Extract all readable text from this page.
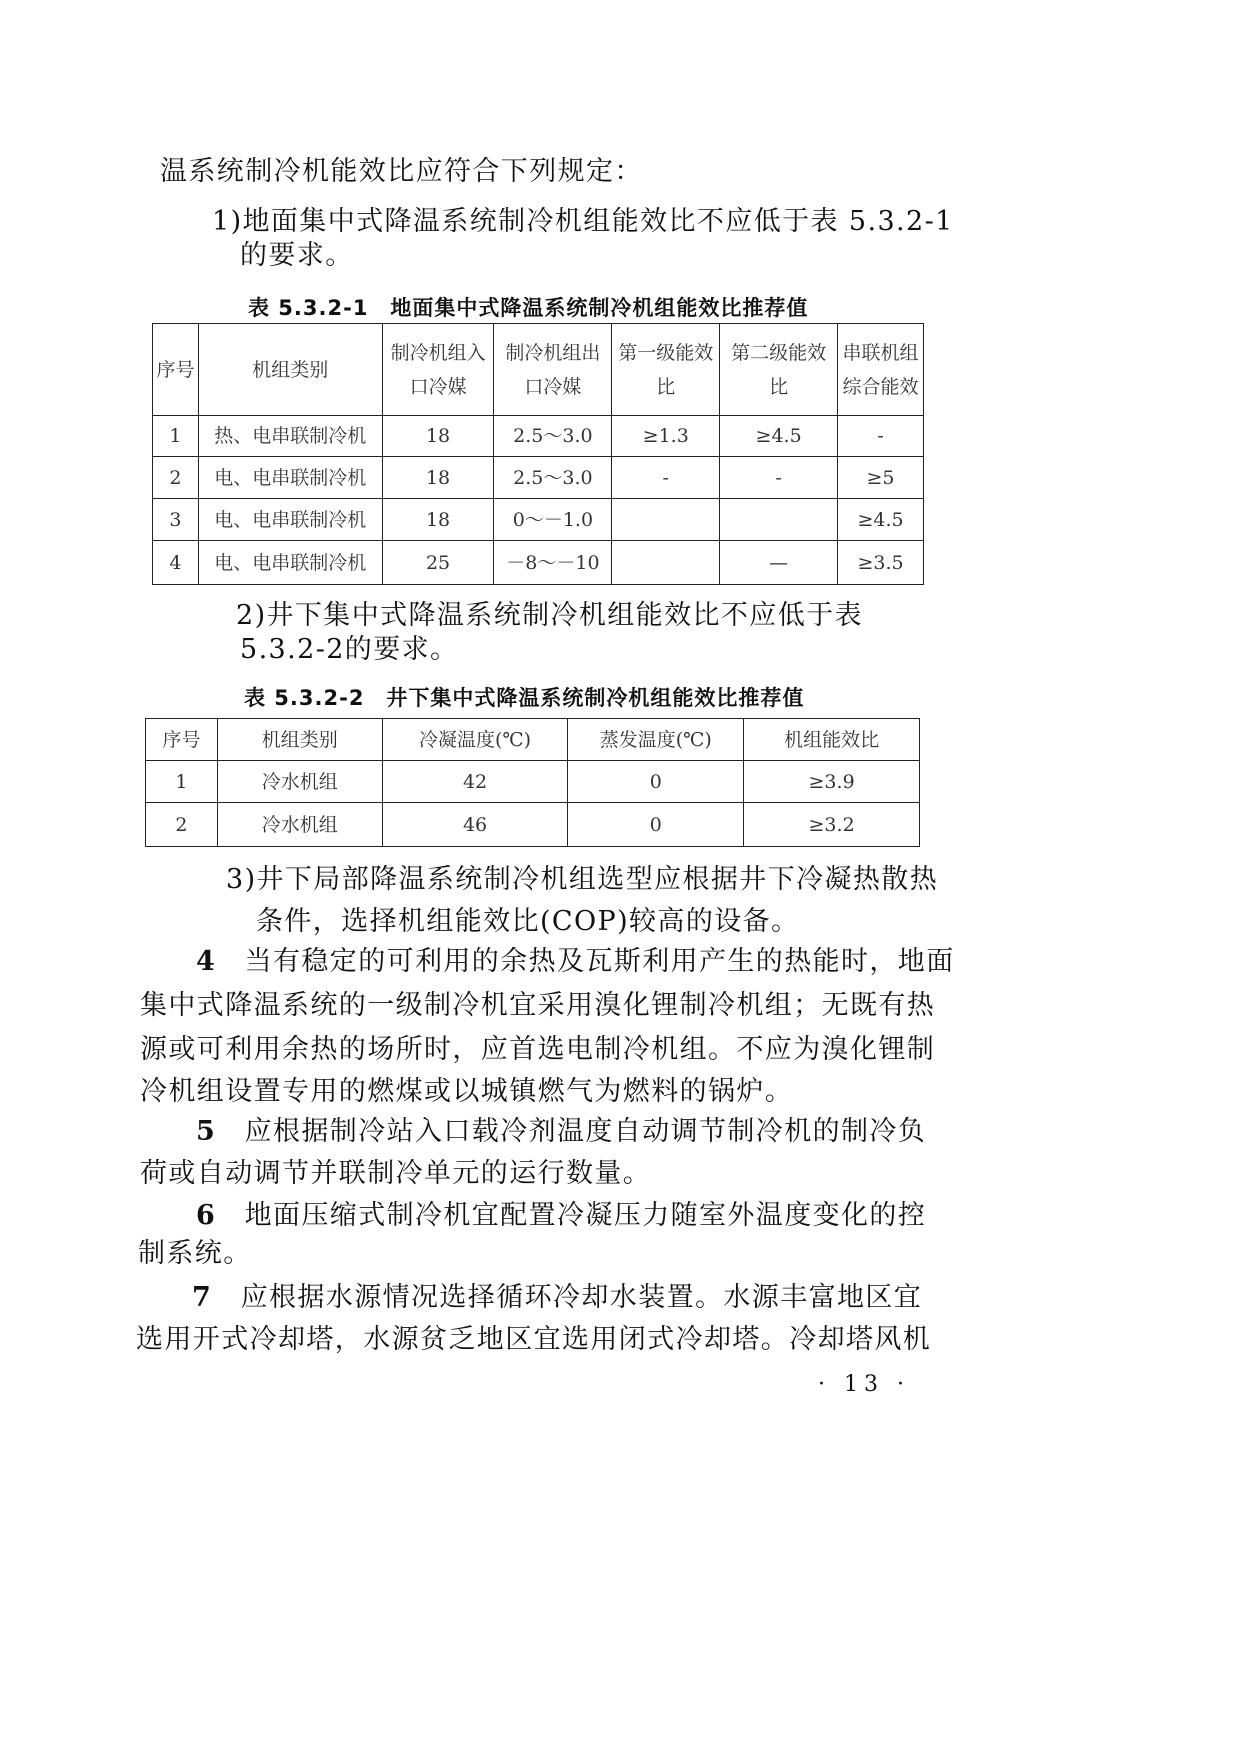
温系统制冷机能效比应符合下列规定：
1)地面集中式降温系统制冷机组能效比不应低于表 5.3.2-1
的要求。
表 5.3.2-1　地面集中式降温系统制冷机组能效比推荐值
序号	机组类别	制冷机组入口冷媒	制冷机组出口冷媒	第一级能效比	第二级能效比	串联机组综合能效
1	热、电串联制冷机	18	2.5～3.0	≥1.3	≥4.5	-
2	电、电串联制冷机	18	2.5～3.0	-	-	≥5
3	电、电串联制冷机	18	0～－1.0			≥4.5
4	电、电串联制冷机	25	－8～－10		—	≥3.5
2)井下集中式降温系统制冷机组能效比不应低于表
5.3.2-2的要求。
表 5.3.2-2　井下集中式降温系统制冷机组能效比推荐值
序号	机组类别	冷凝温度(℃)	蒸发温度(℃)	机组能效比
1	冷水机组	42	0	≥3.9
2	冷水机组	46	0	≥3.2
3)井下局部降温系统制冷机组选型应根据井下冷凝热散热
条件，选择机组能效比(COP)较高的设备。
4  当有稳定的可利用的余热及瓦斯利用产生的热能时，地面
集中式降温系统的一级制冷机宜采用溴化锂制冷机组；无既有热
源或可利用余热的场所时，应首选电制冷机组。不应为溴化锂制
冷机组设置专用的燃煤或以城镇燃气为燃料的锅炉。
5  应根据制冷站入口载冷剂温度自动调节制冷机的制冷负
荷或自动调节并联制冷单元的运行数量。
6  地面压缩式制冷机宜配置冷凝压力随室外温度变化的控
制系统。
7  应根据水源情况选择循环冷却水装置。水源丰富地区宜
选用开式冷却塔，水源贫乏地区宜选用闭式冷却塔。冷却塔风机
· 13 ·
